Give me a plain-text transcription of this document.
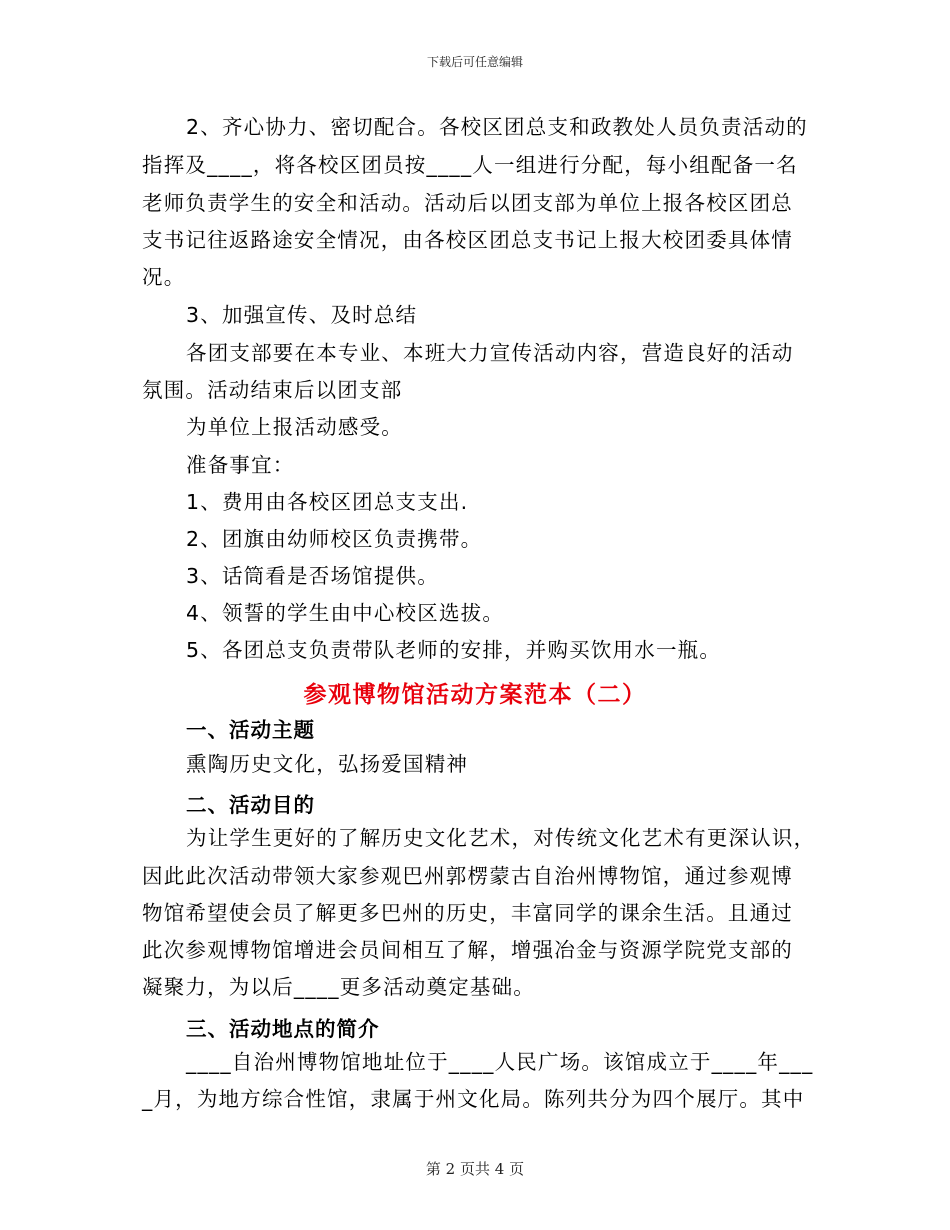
下载后可任意编辑
2、齐心协力、密切配合。各校区团总支和政教处人员负责活动的
指挥及____，将各校区团员按____人一组进行分配，每小组配备一名
老师负责学生的安全和活动。活动后以团支部为单位上报各校区团总
支书记往返路途安全情况，由各校区团总支书记上报大校团委具体情
况。
3、加强宣传、及时总结
各团支部要在本专业、本班大力宣传活动内容，营造良好的活动
氛围。活动结束后以团支部
为单位上报活动感受。
准备事宜：
1、费用由各校区团总支支出.
2、团旗由幼师校区负责携带。
3、话筒看是否场馆提供。
4、领誓的学生由中心校区选拔。
5、各团总支负责带队老师的安排，并购买饮用水一瓶。
参观博物馆活动方案范本（二）
一、活动主题
熏陶历史文化，弘扬爱国精神
二、活动目的
为让学生更好的了解历史文化艺术，对传统文化艺术有更深认识，
因此此次活动带领大家参观巴州郭楞蒙古自治州博物馆，通过参观博
物馆希望使会员了解更多巴州的历史，丰富同学的课余生活。且通过
此次参观博物馆增进会员间相互了解，增强冶金与资源学院党支部的
凝聚力，为以后____更多活动奠定基础。
三、活动地点的简介
____自治州博物馆地址位于____人民广场。该馆成立于____年___
_月，为地方综合性馆，隶属于州文化局。陈列共分为四个展厅。其中
第 2 页共 4 页
